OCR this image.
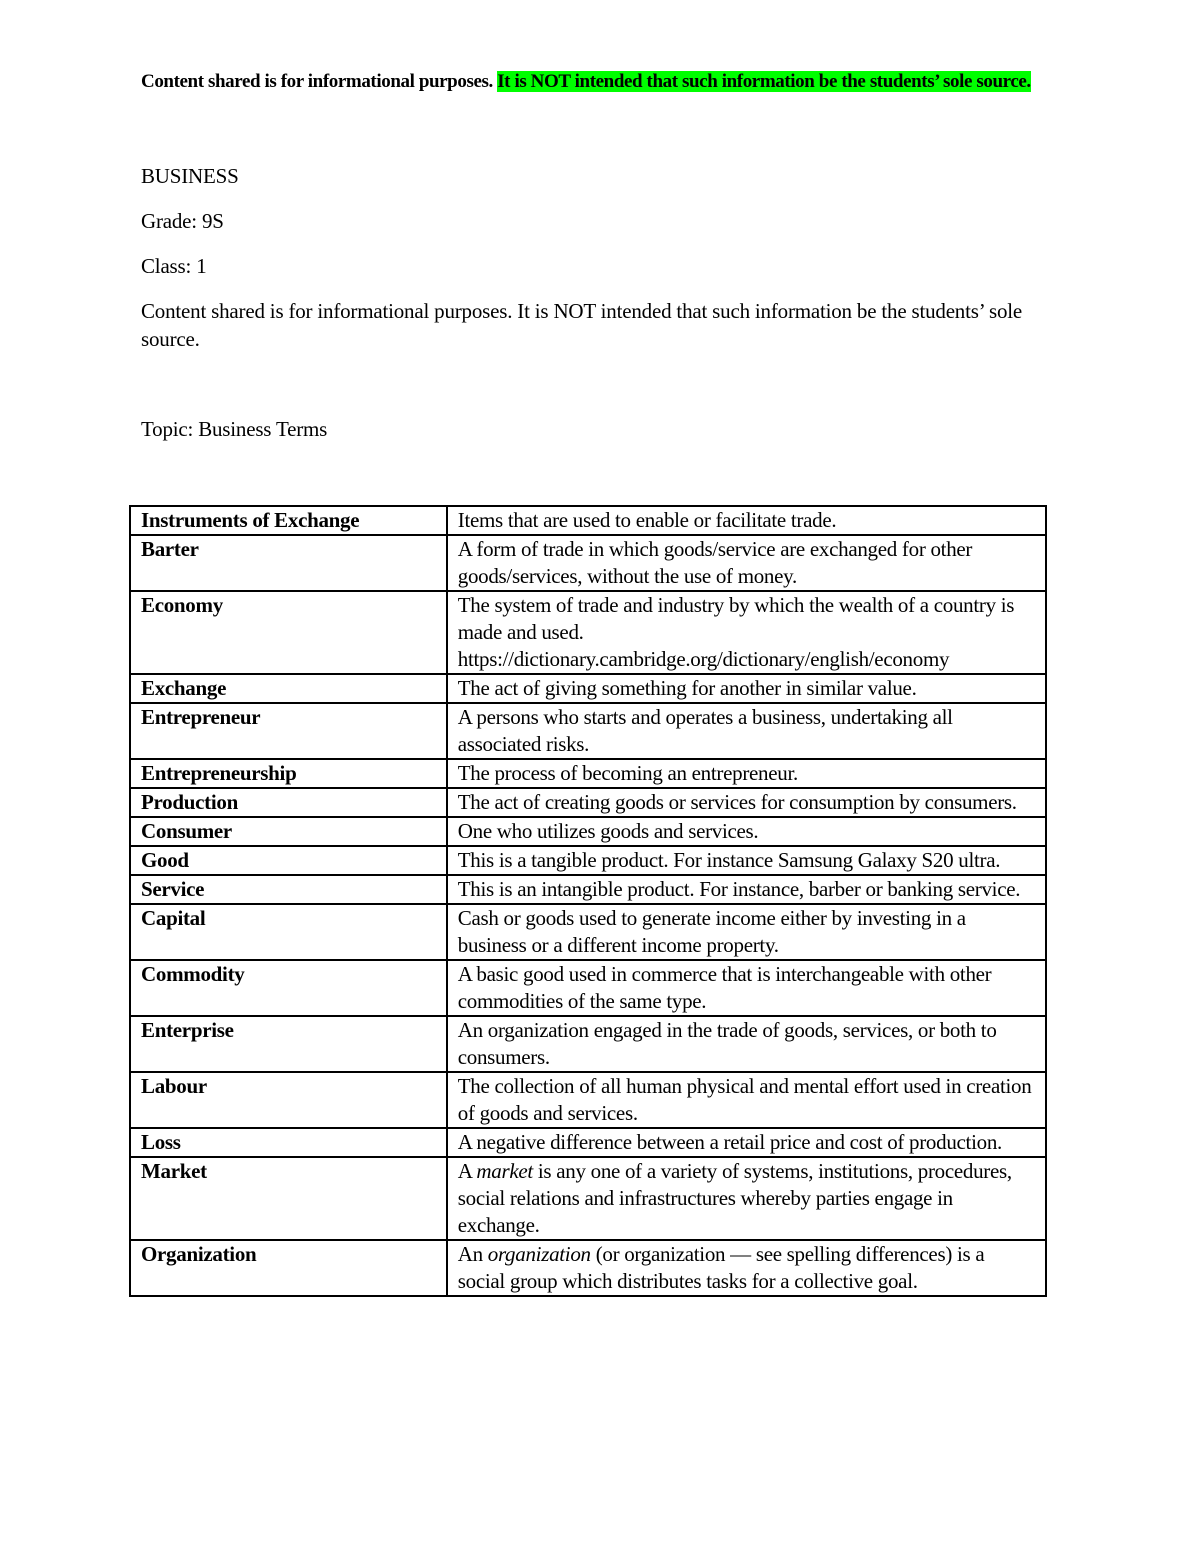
Content shared is for informational purposes. It is NOT intended that such information be the students’ sole source.
BUSINESS
Grade: 9S
Class: 1
Content shared is for informational purposes. It is NOT intended that such information be the students’ sole source.
Topic: Business Terms
Instruments of Exchange	Items that are used to enable or facilitate trade.
Barter	A form of trade in which goods/service are exchanged for other goods/services, without the use of money.
Economy	The system of trade and industry by which the wealth of a country is made and used.
https://dictionary.cambridge.org/dictionary/english/economy

Exchange	The act of giving something for another in similar value.
Entrepreneur	A persons who starts and operates a business, undertaking all associated risks.
Entrepreneurship	The process of becoming an entrepreneur.
Production	The act of creating goods or services for consumption by consumers.
Consumer	One who utilizes goods and services.
Good	This is a tangible product. For instance Samsung Galaxy S20 ultra.
Service	This is an intangible product. For instance, barber or banking service.
Capital	Cash or goods used to generate income either by investing in a business or a different income property.
Commodity	A basic good used in commerce that is interchangeable with other commodities of the same type.
Enterprise	An organization engaged in the trade of goods, services, or both to consumers.
Labour	The collection of all human physical and mental effort used in creation of goods and services.
Loss	A negative difference between a retail price and cost of production.
Market	A market is any one of a variety of systems, institutions, procedures, social relations and infrastructures whereby parties engage in exchange.
Organization	An organization (or organization — see spelling differences) is a social group which distributes tasks for a collective goal.
